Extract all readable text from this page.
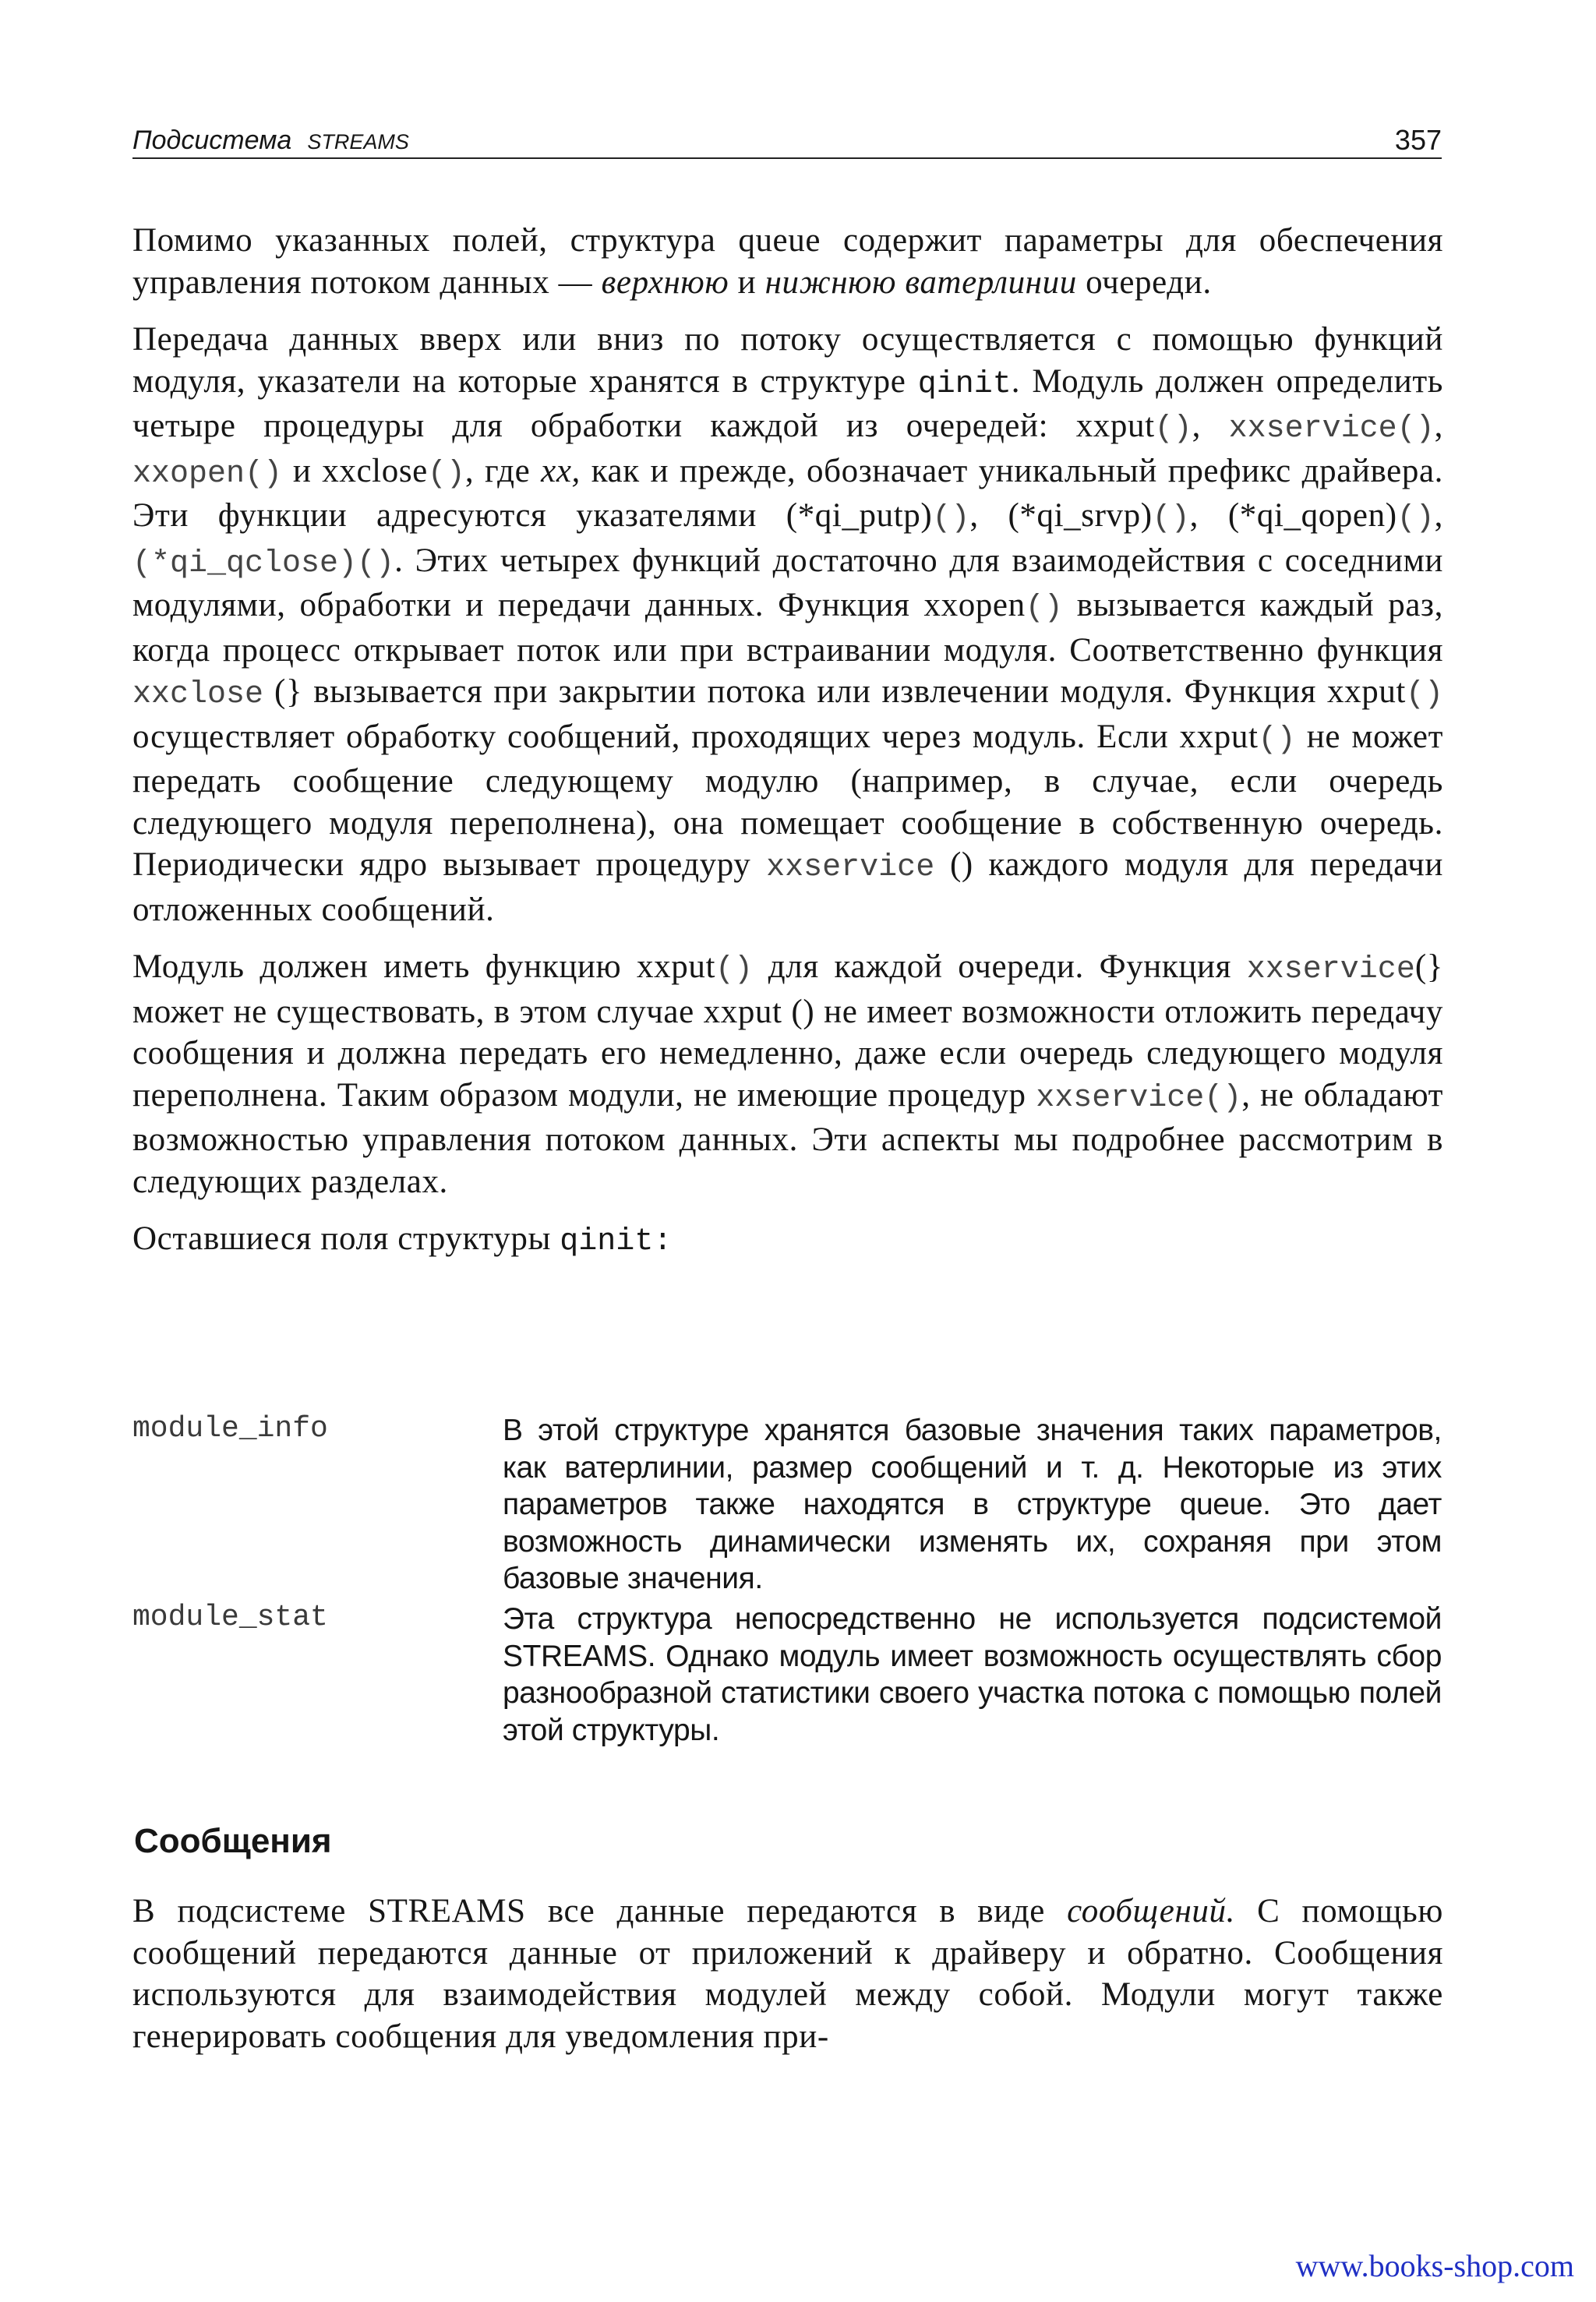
Подсистема STREAMS	357

Помимо указанных полей, структура queue содержит параметры для обеспечения управления потоком данных — верхнюю и нижнюю ватерлинии очереди.

Передача данных вверх или вниз по потоку осуществляется с помощью функций модуля, указатели на которые хранятся в структуре qinit. Модуль должен определить четыре процедуры для обработки каждой из очередей: xxput(), xxservice(), xxopen() и xxclose(), где xx, как и прежде, обозначает уникальный префикс драйвера. Эти функции адресуются указателями (*qi_putp)(), (*qi_srvp)(), (*qi_qopen)(), (*qi_qclose)(). Этих четырех функций достаточно для взаимодействия с соседними модулями, обработки и передачи данных. Функция xxopen() вызывается каждый раз, когда процесс открывает поток или при встраивании модуля. Соответственно функция xxclose (} вызывается при закрытии потока или извлечении модуля. Функция xxput() осуществляет обработку сообщений, проходящих через модуль. Если xxput() не может передать сообщение следующему модулю (например, в случае, если очередь следующего модуля переполнена), она помещает сообщение в собственную очередь. Периодически ядро вызывает процедуру xxservice () каждого модуля для передачи отложенных сообщений.

Модуль должен иметь функцию xxput() для каждой очереди. Функция xxservice(} может не существовать, в этом случае xxput () не имеет возможности отложить передачу сообщения и должна передать его немедленно, даже если очередь следующего модуля переполнена. Таким образом модули, не имеющие процедур xxservice(), не обладают возможностью управления потоком данных. Эти аспекты мы подробнее рассмотрим в следующих разделах.

Оставшиеся поля структуры qinit:

module_info	В этой структуре хранятся базовые значения таких параметров, как ватерлинии, размер сообщений и т. д. Некоторые из этих параметров также находятся в структуре queue. Это дает возможность динамически изменять их, сохраняя при этом базовые значения.
module_stat	Эта структура непосредственно не используется подсистемой STREAMS. Однако модуль имеет возможность осуществлять сбор разнообразной статистики своего участка потока с помощью полей этой структуры.
Сообщения

В подсистеме STREAMS все данные передаются в виде сообщений. С помощью сообщений передаются данные от приложений к драйверу и обратно. Сообщения используются для взаимодействия модулей между собой. Модули могут также генерировать сообщения для уведомления при-

www.books-shop.com
